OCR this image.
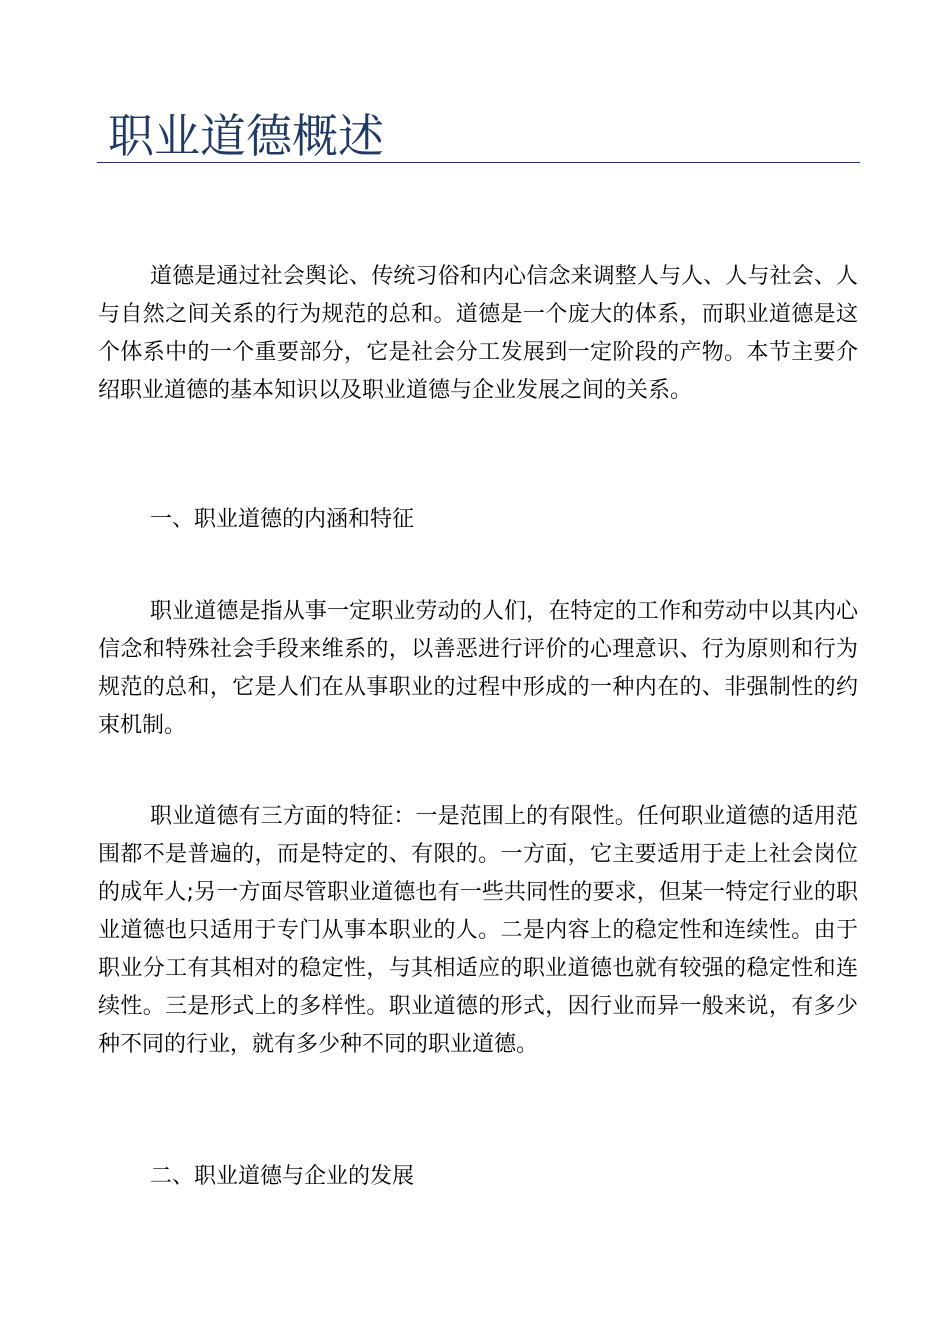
职业道德概述

道德是通过社会舆论、传统习俗和内心信念来调整人与人、人与社会、人与自然之间关系的行为规范的总和。道德是一个庞大的体系，而职业道德是这个体系中的一个重要部分，它是社会分工发展到一定阶段的产物。本节主要介绍职业道德的基本知识以及职业道德与企业发展之间的关系。

一、职业道德的内涵和特征

职业道德是指从事一定职业劳动的人们，在特定的工作和劳动中以其内心信念和特殊社会手段来维系的，以善恶进行评价的心理意识、行为原则和行为规范的总和，它是人们在从事职业的过程中形成的一种内在的、非强制性的约束机制。

职业道德有三方面的特征：一是范围上的有限性。任何职业道德的适用范围都不是普遍的，而是特定的、有限的。一方面，它主要适用于走上社会岗位的成年人;另一方面尽管职业道德也有一些共同性的要求，但某一特定行业的职业道德也只适用于专门从事本职业的人。二是内容上的稳定性和连续性。由于职业分工有其相对的稳定性，与其相适应的职业道德也就有较强的稳定性和连续性。三是形式上的多样性。职业道德的形式，因行业而异一般来说，有多少种不同的行业，就有多少种不同的职业道德。

二、职业道德与企业的发展
